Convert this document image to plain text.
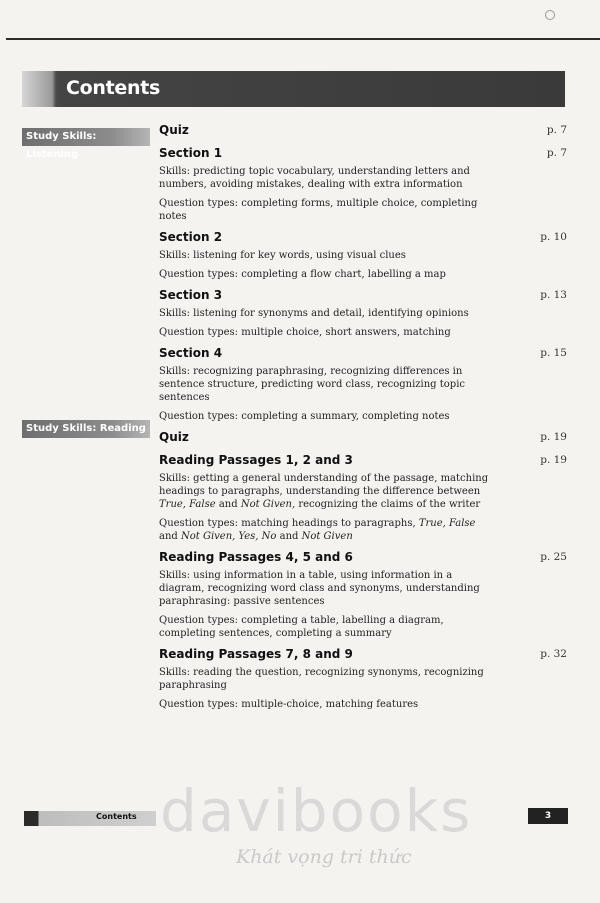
Contents
Study Skills: Listening
Study Skills: Reading
Quiz	p. 7
Section 1	p. 7

Skills: predicting topic vocabulary, understanding letters and numbers, avoiding mistakes, dealing with extra information

Question types: completing forms, multiple choice, completing notes

Section 2	p. 10

Skills: listening for key words, using visual clues

Question types: completing a flow chart, labelling a map

Section 3	p. 13

Skills: listening for synonyms and detail, identifying opinions

Question types: multiple choice, short answers, matching

Section 4	p. 15

Skills: recognizing paraphrasing, recognizing differences in sentence structure, predicting word class, recognizing topic sentences

Question types: completing a summary, completing notes

Quiz	p. 19
Reading Passages 1, 2 and 3	p. 19

Skills: getting a general understanding of the passage, matching headings to paragraphs, understanding the difference between True, False and Not Given, recognizing the claims of the writer

Question types: matching headings to paragraphs, True, False and Not Given, Yes, No and Not Given

Reading Passages 4, 5 and 6	p. 25

Skills: using information in a table, using information in a diagram, recognizing word class and synonyms, understanding paraphrasing: passive sentences

Question types: completing a table, labelling a diagram, completing sentences, completing a summary

Reading Passages 7, 8 and 9	p. 32

Skills: reading the question, recognizing synonyms, recognizing paraphrasing

Question types: multiple-choice, matching features

davibooks
Khát vọng tri thức
Contents	3
